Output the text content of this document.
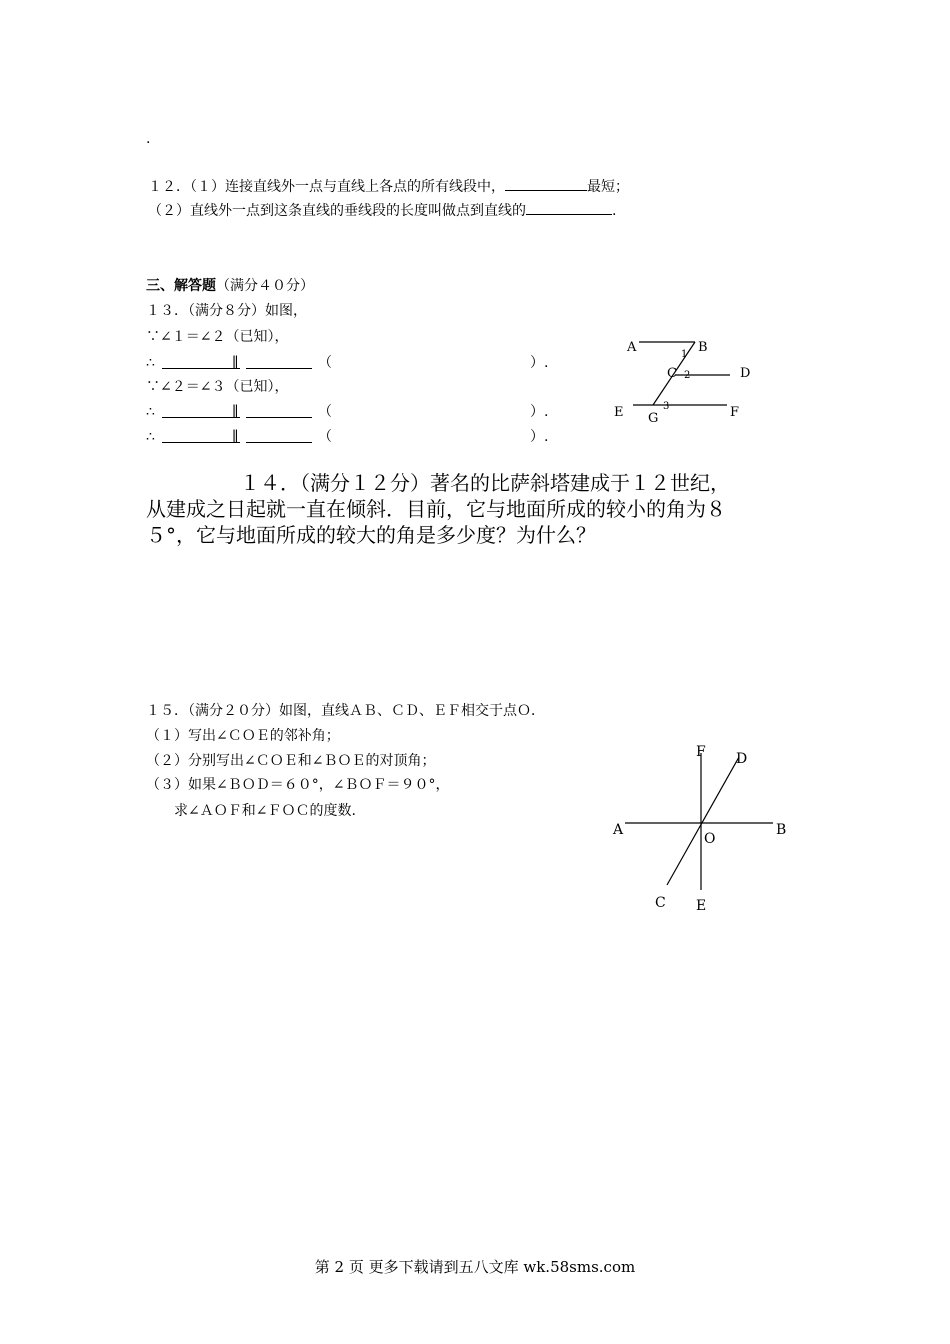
.
１２．（１）连接直线外一点与直线上各点的所有线段中，	最短；
（２）直线外一点到这条直线的垂线段的长度叫做点到直线的	.
三、解答题（满分４０分）
１３．（满分８分）如图，
∵∠１＝∠２（已知），
∴	∥	（	）.
∵∠２＝∠３（已知），
∴	∥	（	）.
∴	∥	（	）.
A	B
C	D
E G	F
1
2
3
１４．（满分１２分）著名的比萨斜塔建成于１２世纪，
从建成之日起就一直在倾斜．目前，它与地面所成的较小的角为８
５°，它与地面所成的较大的角是多少度？为什么？
１５．（满分２０分）如图，直线ＡＢ、ＣＤ、ＥＦ相交于点Ｏ．
（１）写出∠ＣＯＥ的邻补角；
（２）分别写出∠ＣＯＥ和∠ＢＯＥ的对顶角；
（３）如果∠ＢＯＤ＝６０°，∠ＢＯＦ＝９０°，
求∠ＡＯＦ和∠ＦＯＣ的度数.
F D
A	B
O
C E
第 2 页 更多下载请到五八文库 wk.58sms.com
